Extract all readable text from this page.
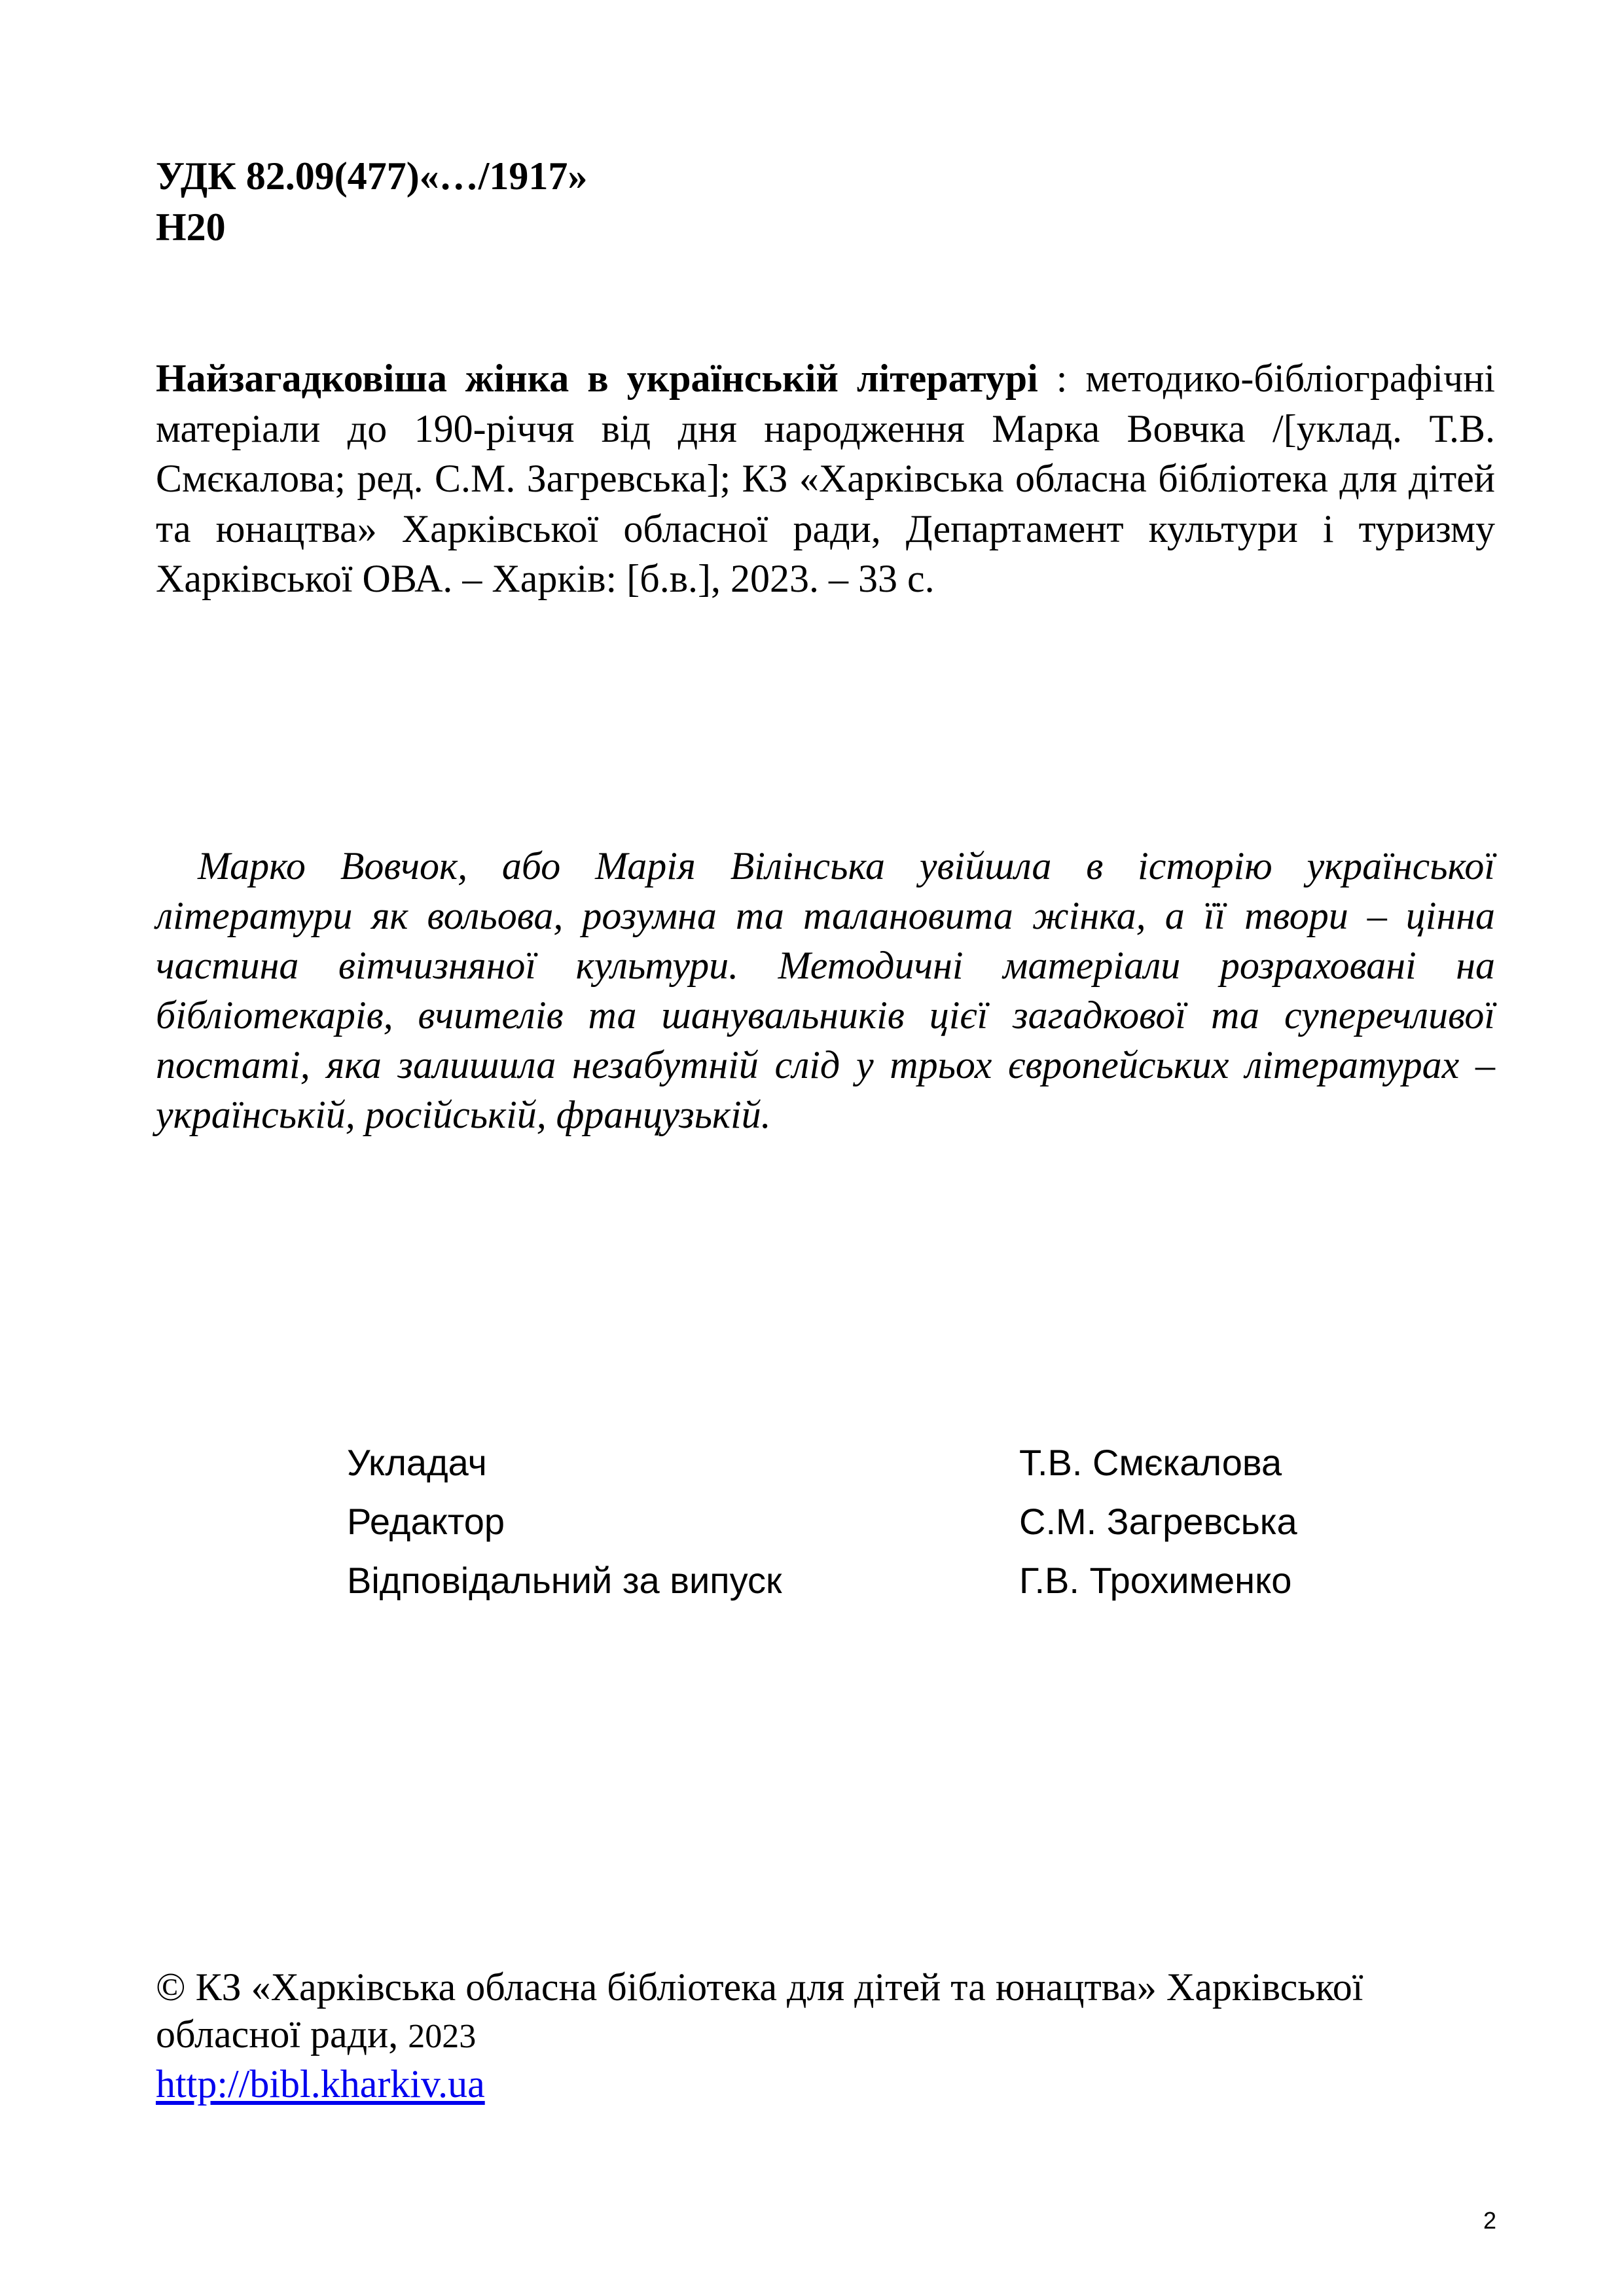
УДК 82.09(477)«…/1917»
Н20
Найзагадковіша жінка в українській літературі : методико-бібліографічні матеріали до 190-річчя від дня народження Марка Вовчка /[уклад. Т.В. Смєкалова; ред. С.М. Загревська]; КЗ «Харківська обласна бібліотека для дітей та юнацтва» Харківської обласної ради, Департамент культури і туризму Харківської ОВА. – Харків: [б.в.], 2023. – 33 с.
Марко Вовчок, або Марія Вілінська увійшла в історію української літератури як вольова, розумна та талановита жінка, а її твори – цінна частина вітчизняної культури. Методичні матеріали розраховані на бібліотекарів, вчителів та шанувальників цієї загадкової та суперечливої постаті, яка залишила незабутній слід у трьох європейських літературах – українській, російській, французькій.
Укладач	Т.В. Смєкалова
Редактор	С.М. Загревська
Відповідальний за випуск	Г.В. Трохименко
© КЗ «Харківська обласна бібліотека для дітей та юнацтва» Харківської обласної ради, 2023
http://bibl.kharkiv.ua
2
